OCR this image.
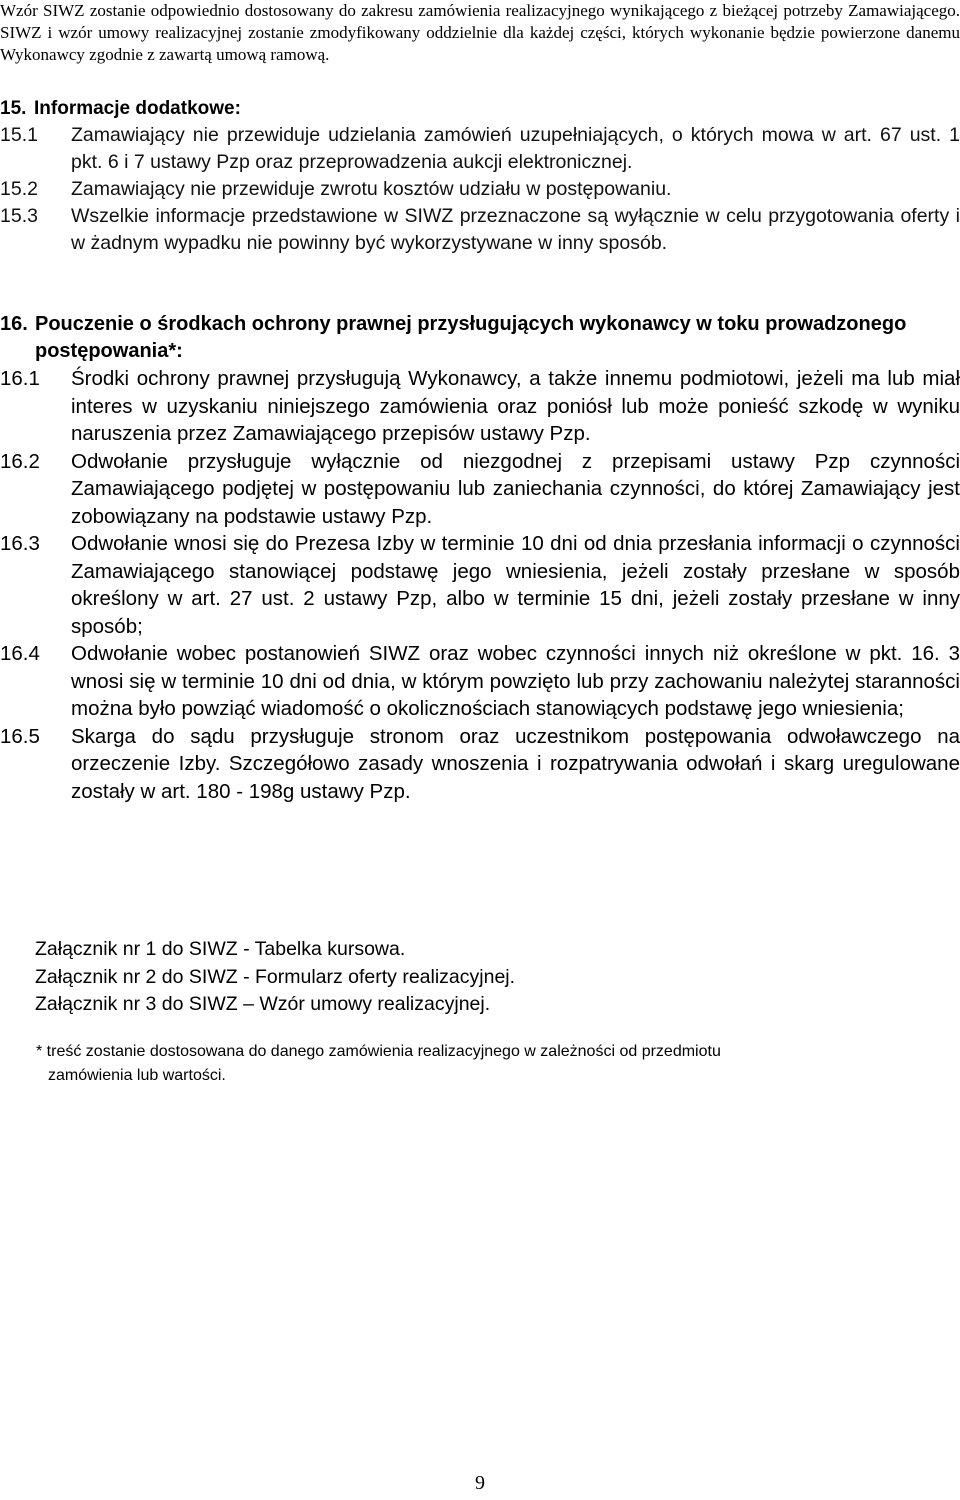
Wzór SIWZ zostanie odpowiednio dostosowany do zakresu zamówienia realizacyjnego wynikającego z bieżącej potrzeby Zamawiającego. SIWZ i wzór umowy realizacyjnej zostanie zmodyfikowany oddzielnie dla każdej części, których wykonanie będzie powierzone danemu Wykonawcy zgodnie z zawartą umową ramową.
15. Informacje dodatkowe:
15.1 Zamawiający nie przewiduje udzielania zamówień uzupełniających, o których mowa w art. 67 ust. 1 pkt. 6 i 7 ustawy Pzp oraz przeprowadzenia aukcji elektronicznej.
15.2 Zamawiający nie przewiduje zwrotu kosztów udziału w postępowaniu.
15.3 Wszelkie informacje przedstawione w SIWZ przeznaczone są wyłącznie w celu przygotowania oferty i w żadnym wypadku nie powinny być wykorzystywane w inny sposób.
16. Pouczenie o środkach ochrony prawnej przysługujących wykonawcy w toku prowadzonego postępowania*:
16.1 Środki ochrony prawnej przysługują Wykonawcy, a także innemu podmiotowi, jeżeli ma lub miał interes w uzyskaniu niniejszego zamówienia oraz poniósł lub może ponieść szkodę w wyniku naruszenia przez Zamawiającego przepisów ustawy Pzp.
16.2 Odwołanie przysługuje wyłącznie od niezgodnej z przepisami ustawy Pzp czynności Zamawiającego podjętej w postępowaniu lub zaniechania czynności, do której Zamawiający jest zobowiązany na podstawie ustawy Pzp.
16.3 Odwołanie wnosi się do Prezesa Izby w terminie 10 dni od dnia przesłania informacji o czynności Zamawiającego stanowiącej podstawę jego wniesienia, jeżeli zostały przesłane w sposób określony w art. 27 ust. 2 ustawy Pzp, albo w terminie 15 dni, jeżeli zostały przesłane w inny sposób;
16.4 Odwołanie wobec postanowień SIWZ oraz wobec czynności innych niż określone w pkt. 16. 3 wnosi się w terminie 10 dni od dnia, w którym powzięto lub przy zachowaniu należytej staranności można było powziąć wiadomość o okolicznościach stanowiących podstawę jego wniesienia;
16.5 Skarga do sądu przysługuje stronom oraz uczestnikom postępowania odwoławczego na orzeczenie Izby. Szczegółowo zasady wnoszenia i rozpatrywania odwołań i skarg uregulowane zostały w art. 180 - 198g ustawy Pzp.
Załącznik nr 1 do SIWZ - Tabelka kursowa.
Załącznik nr 2 do SIWZ - Formularz oferty realizacyjnej.
Załącznik nr 3 do SIWZ – Wzór umowy realizacyjnej.
* treść zostanie dostosowana do danego zamówienia realizacyjnego w zależności od przedmiotu
zamówienia lub wartości.
9
